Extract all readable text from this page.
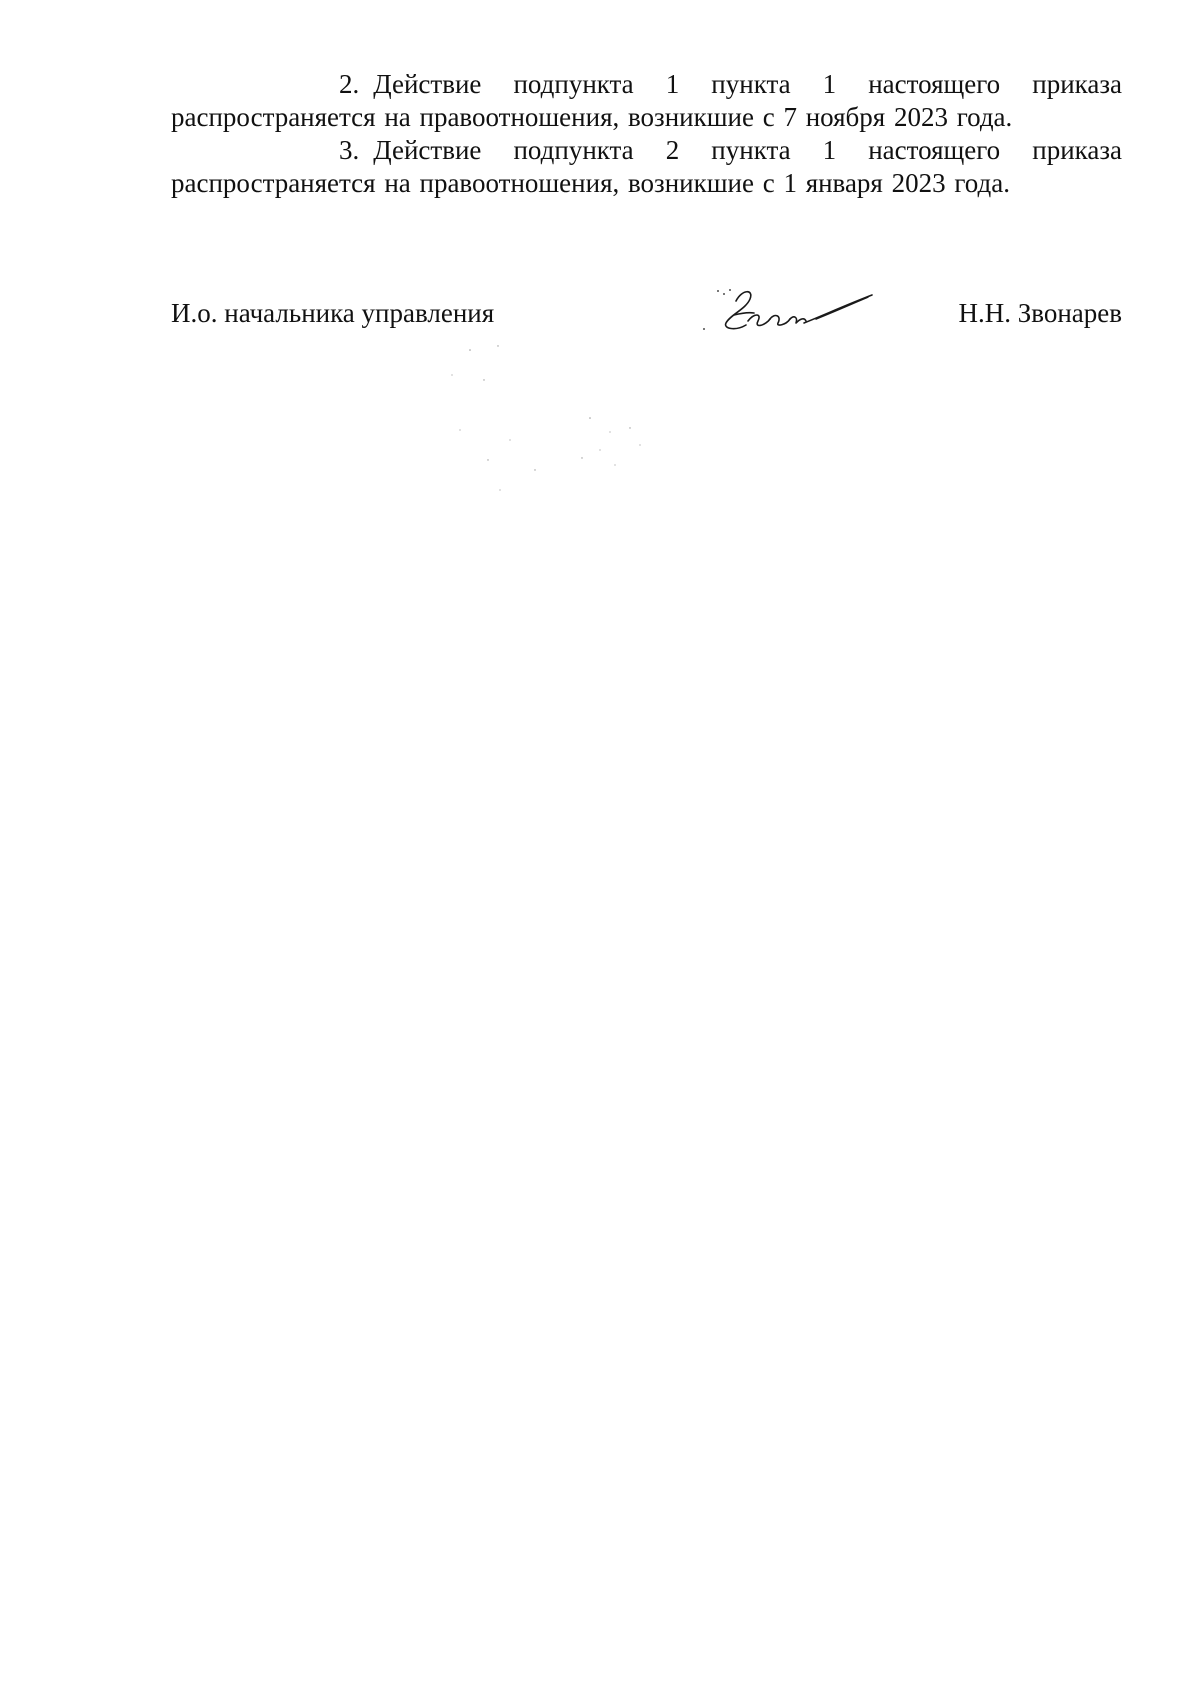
2. Действие подпункта 1 пункта 1 настоящего приказа распространяется на правоотношения, возникшие с 7 ноября 2023 года.

3. Действие подпункта 2 пункта 1 настоящего приказа распространяется на правоотношения, возникшие с 1 января 2023 года.

И.о. начальника управления	Н.Н. Звонарев
